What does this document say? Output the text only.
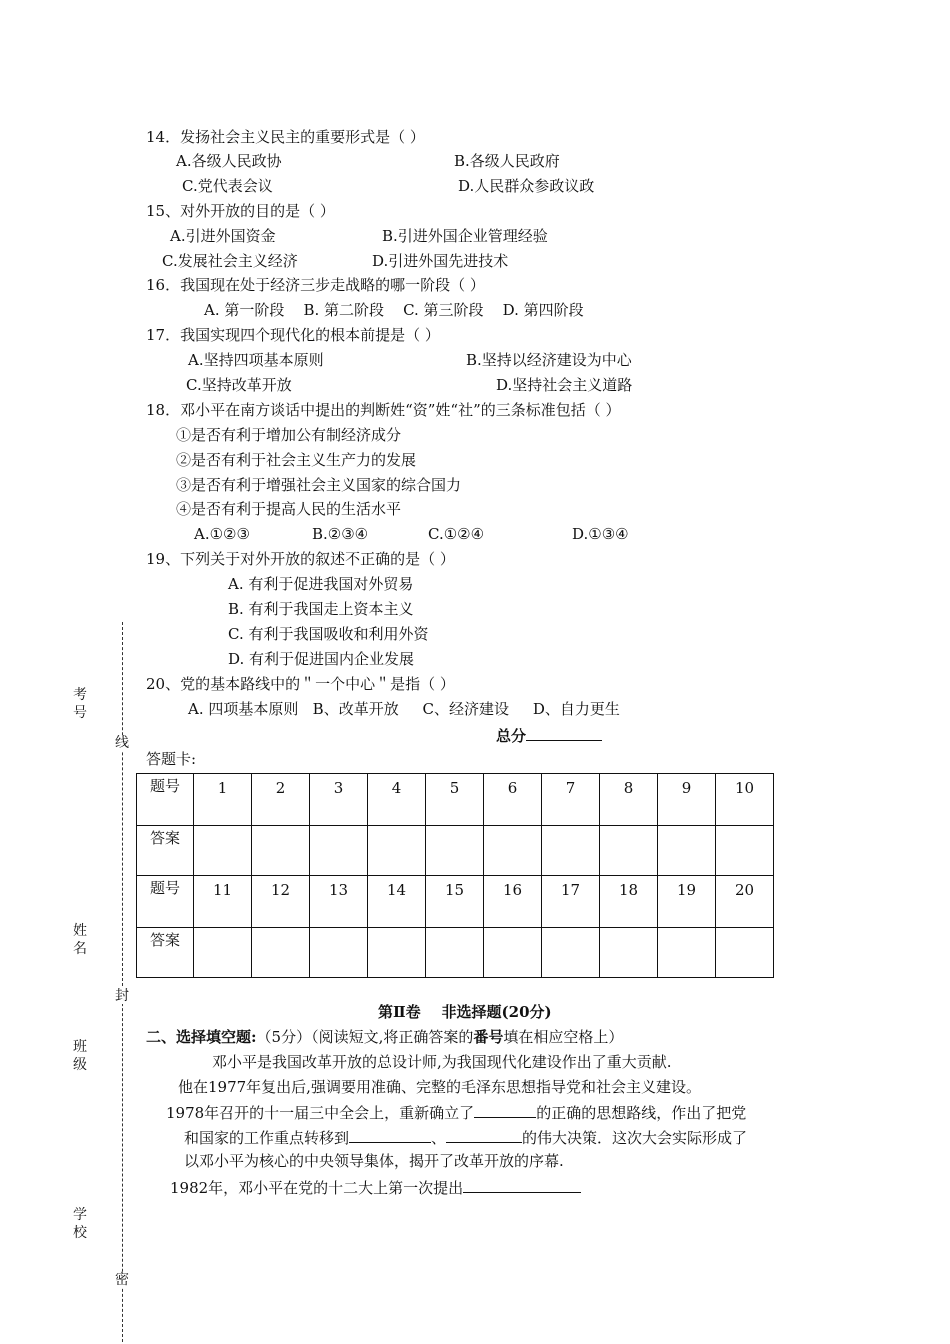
考号
姓名
班级
学校
线
封
密
14．发扬社会主义民主的重要形式是（ ）
A.各级人民政协	B.各级人民政府
C.党代表会议	D.人民群众参政议政
15、对外开放的目的是（ ）
A.引进外国资金	B.引进外国企业管理经验
C.发展社会主义经济	D.引进外国先进技术
16．我国现在处于经济三步走战略的哪一阶段（ ）
A. 第一阶段    B. 第二阶段    C. 第三阶段    D. 第四阶段
17．我国实现四个现代化的根本前提是（ ）
A.坚持四项基本原则	B.坚持以经济建设为中心
C.坚持改革开放	D.坚持社会主义道路
18．邓小平在南方谈话中提出的判断姓“资”姓“社”的三条标准包括（ ）
①是否有利于增加公有制经济成分
②是否有利于社会主义生产力的发展
③是否有利于增强社会主义国家的综合国力
④是否有利于提高人民的生活水平
A.①②③	B.②③④	C.①②④	D.①③④
19、下列关于对外开放的叙述不正确的是（ ）
A. 有利于促进我国对外贸易
B. 有利于我国走上资本主义
C. 有利于我国吸收和利用外资
D. 有利于促进国内企业发展
20、党的基本路线中的＂一个中心＂是指（ ）
A. 四项基本原则   B、改革开放     C、经济建设     D、自力更生
总分
答题卡:
题号	1	2	3	4	5	6	7	8	9	10
答案										
题号	11	12	13	14	15	16	17	18	19	20
答案										
第Ⅱ卷    非选择题(20分)
二、选择填空题:（5分）（阅读短文,将正确答案的番号填在相应空格上）
邓小平是我国改革开放的总设计师,为我国现代化建设作出了重大贡献.
他在1977年复出后,强调要用准确、完整的毛泽东思想指导党和社会主义建设。
1978年召开的十一届三中全会上，重新确立了	的正确的思想路线，作出了把党
和国家的工作重点转移到	、	的伟大决策．这次大会实际形成了
以邓小平为核心的中央领导集体，揭开了改革开放的序幕.
1982年，邓小平在党的十二大上第一次提出
